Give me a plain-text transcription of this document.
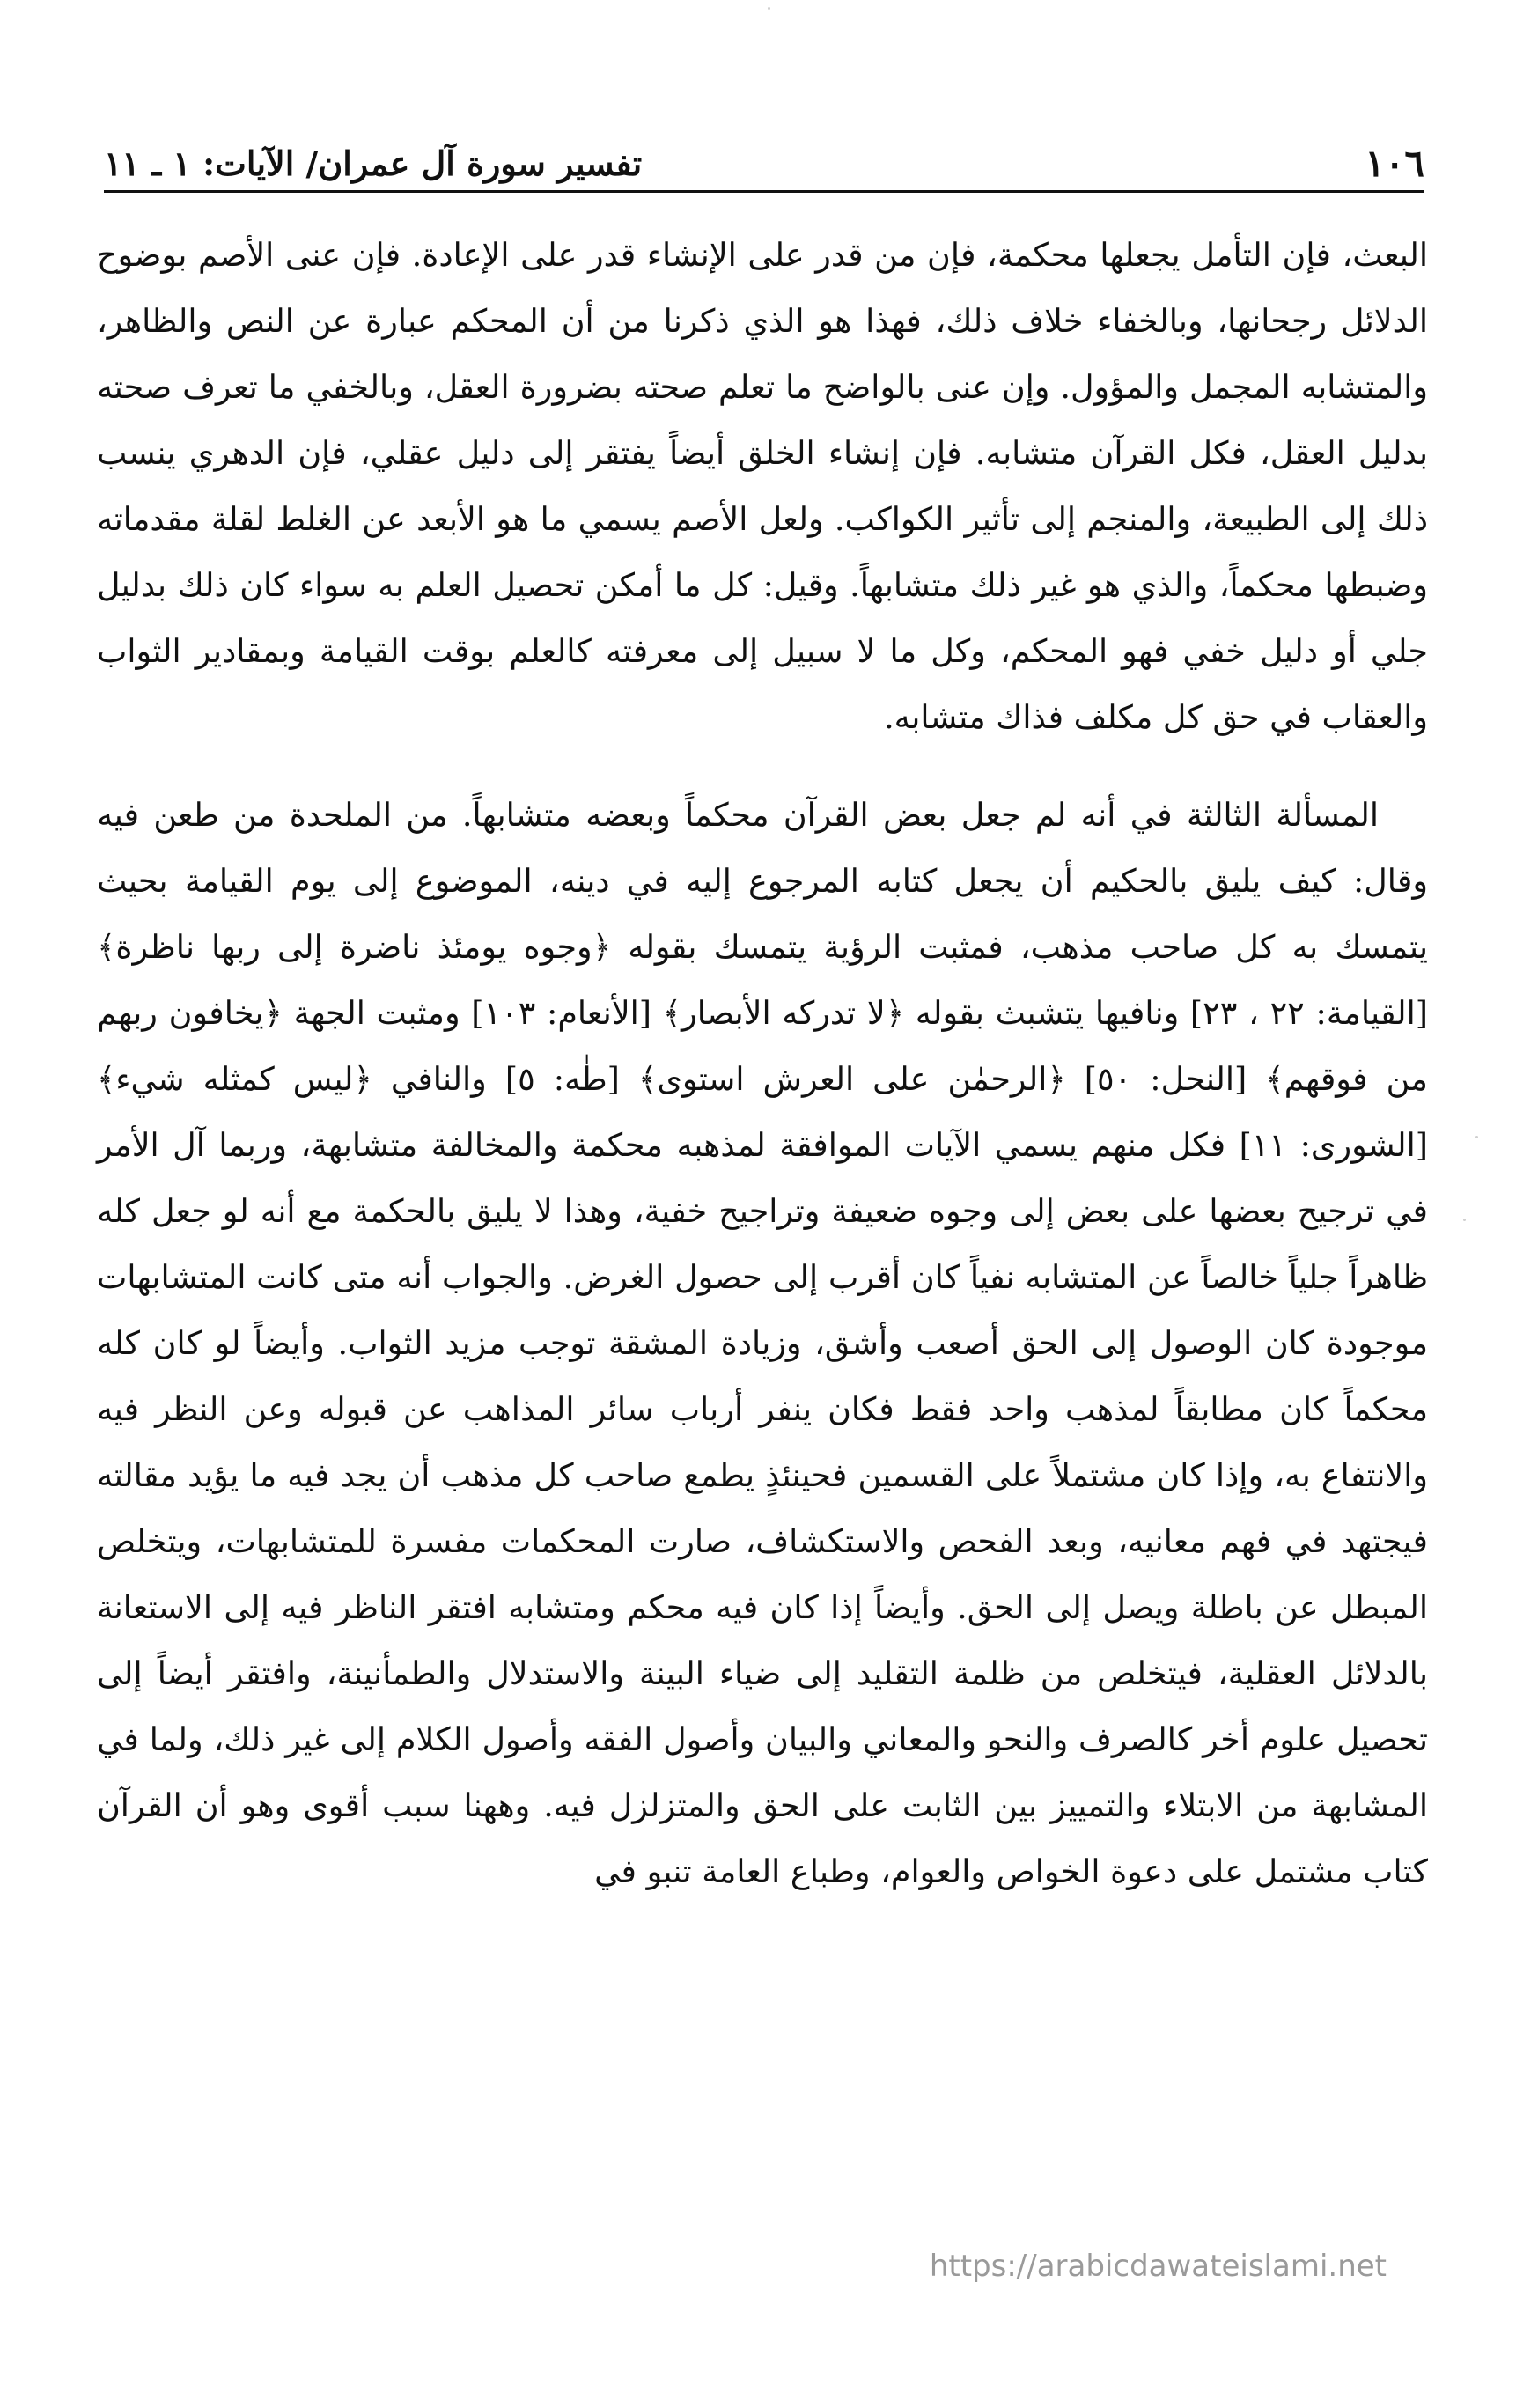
١٠٦
تفسير سورة آل عمران/ الآيات: ١ ـ ١١

البعث، فإن التأمل يجعلها محكمة، فإن من قدر على الإنشاء قدر على الإعادة. فإن عنى الأصم بوضوح الدلائل رجحانها، وبالخفاء خلاف ذلك، فهذا هو الذي ذكرنا من أن المحكم عبارة عن النص والظاهر، والمتشابه المجمل والمؤول. وإن عنى بالواضح ما تعلم صحته بضرورة العقل، وبالخفي ما تعرف صحته بدليل العقل، فكل القرآن متشابه. فإن إنشاء الخلق أيضاً يفتقر إلى دليل عقلي، فإن الدهري ينسب ذلك إلى الطبيعة، والمنجم إلى تأثير الكواكب. ولعل الأصم يسمي ما هو الأبعد عن الغلط لقلة مقدماته وضبطها محكماً، والذي هو غير ذلك متشابهاً. وقيل: كل ما أمكن تحصيل العلم به سواء كان ذلك بدليل جلي أو دليل خفي فهو المحكم، وكل ما لا سبيل إلى معرفته كالعلم بوقت القيامة وبمقادير الثواب والعقاب في حق كل مكلف فذاك متشابه.

المسألة الثالثة في أنه لم جعل بعض القرآن محكماً وبعضه متشابهاً. من الملحدة من طعن فيه وقال: كيف يليق بالحكيم أن يجعل كتابه المرجوع إليه في دينه، الموضوع إلى يوم القيامة بحيث يتمسك به كل صاحب مذهب، فمثبت الرؤية يتمسك بقوله ﴿وجوه يومئذ ناضرة إلى ربها ناظرة﴾ [القيامة: ٢٢ ، ٢٣] ونافيها يتشبث بقوله ﴿لا تدركه الأبصار﴾ [الأنعام: ١٠٣] ومثبت الجهة ﴿يخافون ربهم من فوقهم﴾ [النحل: ٥٠] ﴿الرحمٰن على العرش استوى﴾ [طٰه: ٥] والنافي ﴿ليس كمثله شيء﴾ [الشورى: ١١] فكل منهم يسمي الآيات الموافقة لمذهبه محكمة والمخالفة متشابهة، وربما آل الأمر في ترجيح بعضها على بعض إلى وجوه ضعيفة وتراجيح خفية، وهذا لا يليق بالحكمة مع أنه لو جعل كله ظاهراً جلياً خالصاً عن المتشابه نفياً كان أقرب إلى حصول الغرض. والجواب أنه متى كانت المتشابهات موجودة كان الوصول إلى الحق أصعب وأشق، وزيادة المشقة توجب مزيد الثواب. وأيضاً لو كان كله محكماً كان مطابقاً لمذهب واحد فقط فكان ينفر أرباب سائر المذاهب عن قبوله وعن النظر فيه والانتفاع به، وإذا كان مشتملاً على القسمين فحينئذٍ يطمع صاحب كل مذهب أن يجد فيه ما يؤيد مقالته فيجتهد في فهم معانيه، وبعد الفحص والاستكشاف، صارت المحكمات مفسرة للمتشابهات، ويتخلص المبطل عن باطلة ويصل إلى الحق. وأيضاً إذا كان فيه محكم ومتشابه افتقر الناظر فيه إلى الاستعانة بالدلائل العقلية، فيتخلص من ظلمة التقليد إلى ضياء البينة والاستدلال والطمأنينة، وافتقر أيضاً إلى تحصيل علوم أخر كالصرف والنحو والمعاني والبيان وأصول الفقه وأصول الكلام إلى غير ذلك، ولما في المشابهة من الابتلاء والتمييز بين الثابت على الحق والمتزلزل فيه. وههنا سبب أقوى وهو أن القرآن كتاب مشتمل على دعوة الخواص والعوام، وطباع العامة تنبو في

https://arabicdawateislami.net
